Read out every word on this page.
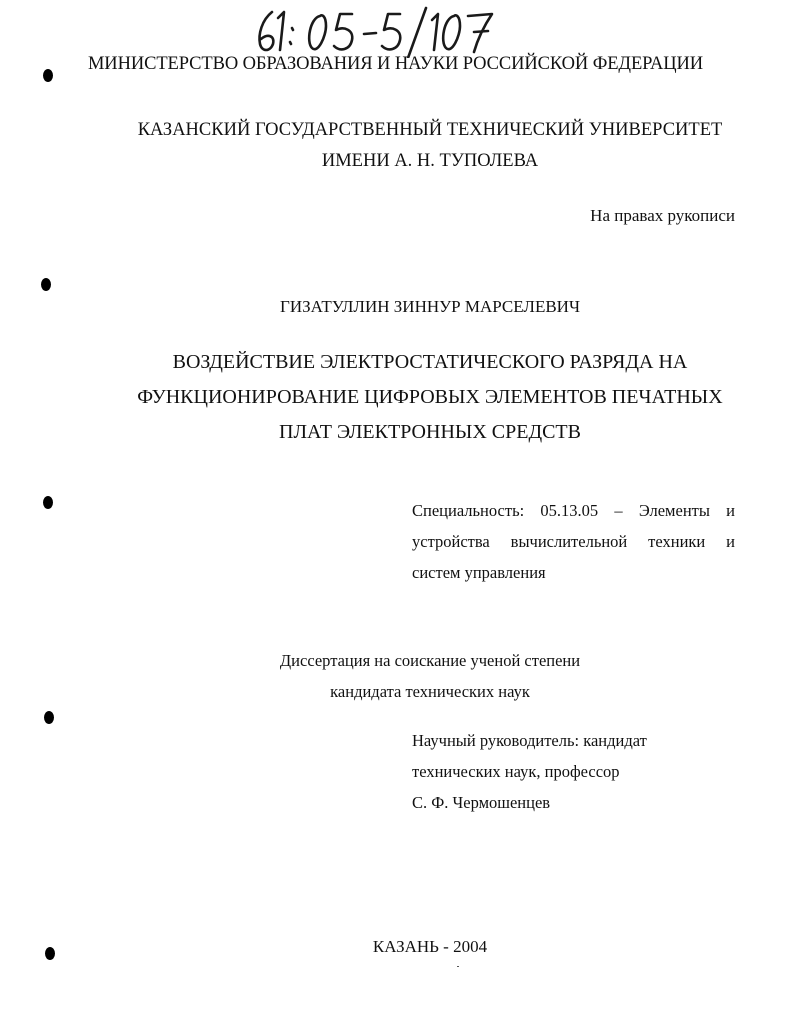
МИНИСТЕРСТВО ОБРАЗОВАНИЯ И НАУКИ РОССИЙСКОЙ ФЕДЕРАЦИИ
КАЗАНСКИЙ ГОСУДАРСТВЕННЫЙ ТЕХНИЧЕСКИЙ УНИВЕРСИТЕТ
ИМЕНИ А. Н. ТУПОЛЕВА
На правах рукописи
ГИЗАТУЛЛИН ЗИННУР МАРСЕЛЕВИЧ
ВОЗДЕЙСТВИЕ ЭЛЕКТРОСТАТИЧЕСКОГО РАЗРЯДА НА
ФУНКЦИОНИРОВАНИЕ ЦИФРОВЫХ ЭЛЕМЕНТОВ ПЕЧАТНЫХ
ПЛАТ ЭЛЕКТРОННЫХ СРЕДСТВ
Специальность: 05.13.05 – Элементы и
устройства вычислительной техники и
систем управления
Диссертация на соискание ученой степени
кандидата технических наук
Научный руководитель: кандидат
технических наук, профессор
С. Ф. Чермошенцев
КАЗАНЬ - 2004
